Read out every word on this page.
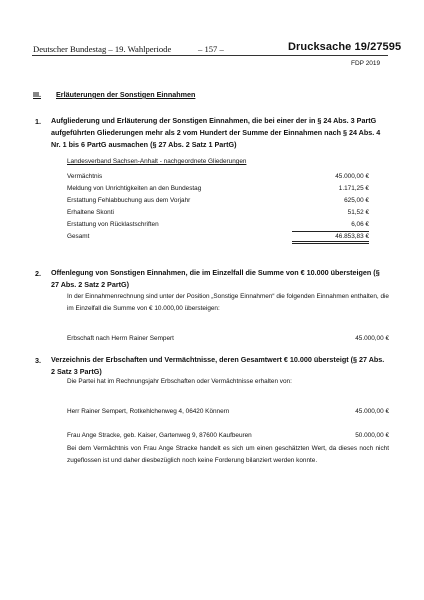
Deutscher Bundestag – 19. Wahlperiode	– 157 –	Drucksache 19/27595
FDP 2019
III. Erläuterungen der Sonstigen Einnahmen
1. Aufgliederung und Erläuterung der Sonstigen Einnahmen, die bei einer der in § 24 Abs. 3 PartG aufgeführten Gliederungen mehr als 2 vom Hundert der Summe der Einnahmen nach § 24 Abs. 4 Nr. 1 bis 6 PartG ausmachen (§ 27 Abs. 2 Satz 1 PartG)
Landesverband Sachsen-Anhalt - nachgeordnete Gliederungen
Vermächtnis	45.000,00 €
Meldung von Unrichtigkeiten an den Bundestag	1.171,25 €
Erstattung Fehlabbuchung aus dem Vorjahr	625,00 €
Erhaltene Skonti	51,52 €
Erstattung von Rücklastschriften	6,06 €
Gesamt	46.853,83 €
2. Offenlegung von Sonstigen Einnahmen, die im Einzelfall die Summe von € 10.000 übersteigen (§ 27 Abs. 2 Satz 2 PartG)
In der Einnahmenrechnung sind unter der Position „Sonstige Einnahmen“ die folgenden Einnahmen enthalten, die im Einzelfall die Summe von € 10.000,00 übersteigen:
Erbschaft nach Herrn Rainer Sempert	45.000,00 €
3. Verzeichnis der Erbschaften und Vermächtnisse, deren Gesamtwert € 10.000 übersteigt (§ 27 Abs. 2 Satz 3 PartG)
Die Partei hat im Rechnungsjahr Erbschaften oder Vermächtnisse erhalten von:
Herr Rainer Sempert, Rotkehlchenweg 4, 06420 Könnern	45.000,00 €
Frau Ange Stracke, geb. Kaiser, Gartenweg 9, 87600 Kaufbeuren	50.000,00 €
Bei dem Vermächtnis von Frau Ange Stracke handelt es sich um einen geschätzten Wert, da dieses noch nicht zugeflossen ist und daher diesbezüglich noch keine Forderung bilanziert werden konnte.
